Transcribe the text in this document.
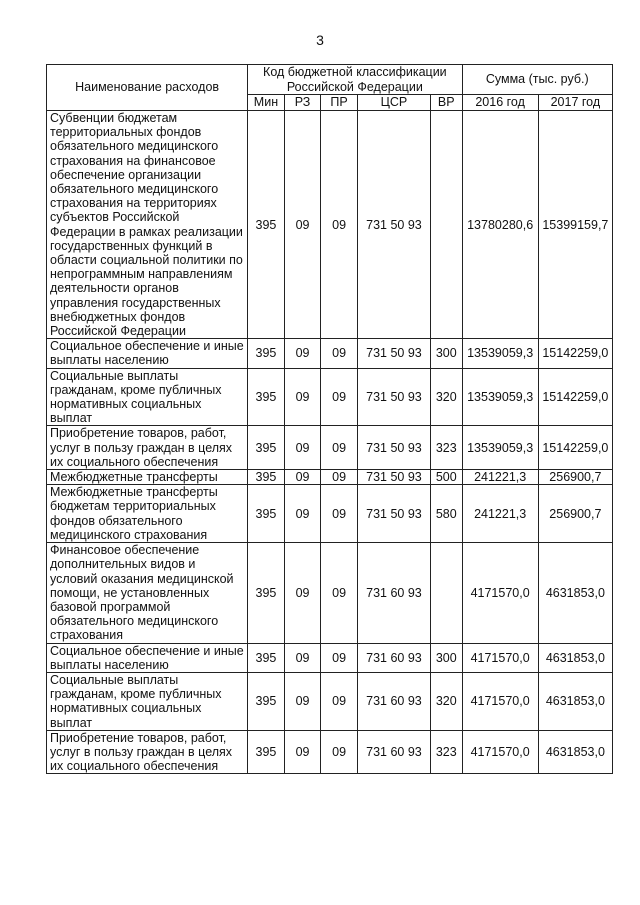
3
Наименование расходов	Код бюджетной классификации Российской Федерации					Сумма (тыс. руб.)	
	Мин	РЗ	ПР	ЦСР	ВР	2016 год	2017 год
Субвенции бюджетам территориальных фондов обязательного медицинского страхования на финансовое обеспечение организации обязательного медицинского страхования на территориях субъектов Российской Федерации в рамках реализации государственных функций в области социальной политики по непрограммным направлениям деятельности органов управления государственных внебюджетных фондов Российской Федерации	395	09	09	731 50 93		13780280,6	15399159,7
Социальное обеспечение и иные выплаты населению	395	09	09	731 50 93	300	13539059,3	15142259,0
Социальные выплаты гражданам, кроме публичных нормативных социальных выплат	395	09	09	731 50 93	320	13539059,3	15142259,0
Приобретение товаров, работ, услуг в пользу граждан в целях их социального обеспечения	395	09	09	731 50 93	323	13539059,3	15142259,0
Межбюджетные трансферты	395	09	09	731 50 93	500	241221,3	256900,7
Межбюджетные трансферты бюджетам территориальных фондов обязательного медицинского страхования	395	09	09	731 50 93	580	241221,3	256900,7
Финансовое обеспечение дополнительных видов и условий оказания медицинской помощи, не установленных базовой программой обязательного медицинского страхования	395	09	09	731 60 93		4171570,0	4631853,0
Социальное обеспечение и иные выплаты населению	395	09	09	731 60 93	300	4171570,0	4631853,0
Социальные выплаты гражданам, кроме публичных нормативных социальных выплат	395	09	09	731 60 93	320	4171570,0	4631853,0
Приобретение товаров, работ, услуг в пользу граждан в целях их социального обеспечения	395	09	09	731 60 93	323	4171570,0	4631853,0
